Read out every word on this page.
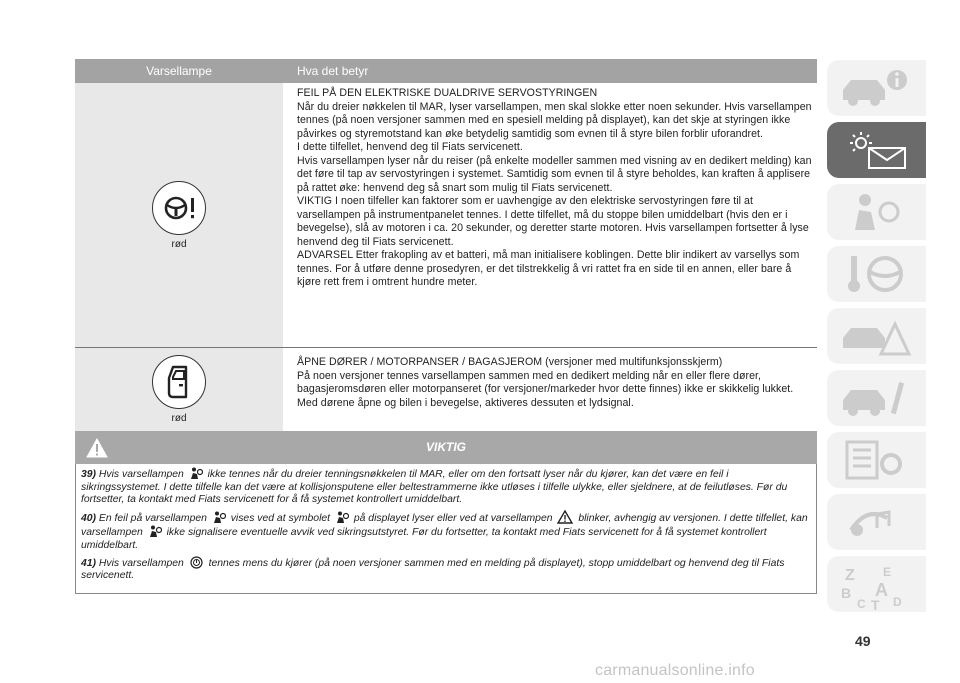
Varsellampe	Hva det betyr
rød
FEIL PÅ DEN ELEKTRISKE DUALDRIVE SERVOSTYRINGEN
Når du dreier nøkkelen til MAR, lyser varsellampen, men skal slokke etter noen sekunder. Hvis varsellampen tennes (på noen versjoner sammen med en spesiell melding på displayet), kan det skje at styringen ikke påvirkes og styremotstand kan øke betydelig samtidig som evnen til å styre bilen forblir uforandret.
I dette tilfellet, henvend deg til Fiats servicenett.
Hvis varsellampen lyser når du reiser (på enkelte modeller sammen med visning av en dedikert melding) kan det føre til tap av servostyringen i systemet. Samtidig som evnen til å styre beholdes, kan kraften å applisere på rattet øke: henvend deg så snart som mulig til Fiats servicenett.
VIKTIG I noen tilfeller kan faktorer som er uavhengige av den elektriske servostyringen føre til at varsellampen på instrumentpanelet tennes. I dette tilfellet, må du stoppe bilen umiddelbart (hvis den er i bevegelse), slå av motoren i ca. 20 sekunder, og deretter starte motoren. Hvis varsellampen fortsetter å lyse henvend deg til Fiats servicenett.
ADVARSEL Etter frakopling av et batteri, må man initialisere koblingen. Dette blir indikert av varsellys som tennes. For å utføre denne prosedyren, er det tilstrekkelig å vri rattet fra en side til en annen, eller bare å kjøre rett frem i omtrent hundre meter.
rød
ÅPNE DØRER / MOTORPANSER / BAGASJEROM (versjoner med multifunksjonsskjerm)
På noen versjoner tennes varsellampen sammen med en dedikert melding når en eller flere dører, bagasjeromsdøren eller motorpanseret (for versjoner/markeder hvor dette finnes) ikke er skikkelig lukket. Med dørene åpne og bilen i bevegelse, aktiveres dessuten et lydsignal.
VIKTIG
39) Hvis varsellampen ikke tennes når du dreier tenningsnøkkelen til MAR, eller om den fortsatt lyser når du kjører, kan det være en feil i sikringssystemet. I dette tilfelle kan det være at kollisjonsputene eller beltestrammerne ikke utløses i tilfelle ulykke, eller sjeldnere, at de feilutløses. Før du fortsetter, ta kontakt med Fiats servicenett for å få systemet kontrollert umiddelbart.
40) En feil på varsellampen vises ved at symbolet på displayet lyser eller ved at varsellampen blinker, avhengig av versjonen. I dette tilfellet, kan varsellampen ikke signalisere eventuelle avvik ved sikringsutstyret. Før du fortsetter, ta kontakt med Fiats servicenett for å få systemet kontrollert umiddelbart.
41) Hvis varsellampen tennes mens du kjører (på noen versjoner sammen med en melding på displayet), stopp umiddelbart og henvend deg til Fiats servicenett.	Z E
B A
C T D
49
carmanualsonline.info
